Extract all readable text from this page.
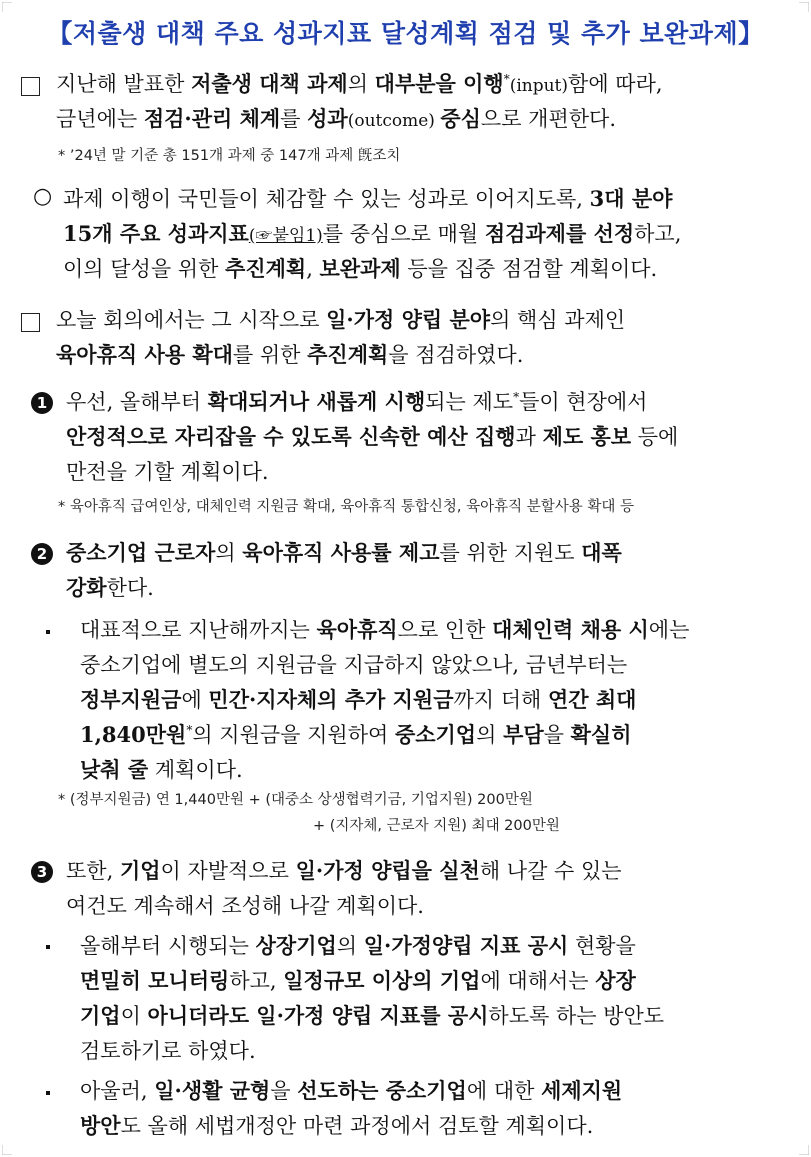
【저출생 대책 주요 성과지표 달성계획 점검 및 추가 보완과제】
지난해 발표한 저출생 대책 과제의 대부분을 이행*(input)함에 따라,
금년에는 점검·관리 체계를 성과(outcome) 중심으로 개편한다.
* ’24년 말 기준 총 151개 과제 중 147개 과제 旣조치
○ 과제 이행이 국민들이 체감할 수 있는 성과로 이어지도록, 3대 분야
15개 주요 성과지표(☞붙임1)를 중심으로 매월 점검과제를 선정하고,
이의 달성을 위한 추진계획, 보완과제 등을 집중 점검할 계획이다.
오늘 회의에서는 그 시작으로 일·가정 양립 분야의 핵심 과제인
육아휴직 사용 확대를 위한 추진계획을 점검하였다.
1 우선, 올해부터 확대되거나 새롭게 시행되는 제도*들이 현장에서
안정적으로 자리잡을 수 있도록 신속한 예산 집행과 제도 홍보 등에
만전을 기할 계획이다.
* 육아휴직 급여인상, 대체인력 지원금 확대, 육아휴직 통합신청, 육아휴직 분할사용 확대 등
2 중소기업 근로자의 육아휴직 사용률 제고를 위한 지원도 대폭
강화한다.
대표적으로 지난해까지는 육아휴직으로 인한 대체인력 채용 시에는
중소기업에 별도의 지원금을 지급하지 않았으나, 금년부터는
정부지원금에 민간·지자체의 추가 지원금까지 더해 연간 최대
1,840만원*의 지원금을 지원하여 중소기업의 부담을 확실히
낮춰 줄 계획이다.
* (정부지원금) 연 1,440만원 + (대중소 상생협력기금, 기업지원) 200만원
+ (지자체, 근로자 지원) 최대 200만원
3 또한, 기업이 자발적으로 일·가정 양립을 실천해 나갈 수 있는
여건도 계속해서 조성해 나갈 계획이다.
올해부터 시행되는 상장기업의 일·가정양립 지표 공시 현황을
면밀히 모니터링하고, 일정규모 이상의 기업에 대해서는 상장
기업이 아니더라도 일·가정 양립 지표를 공시하도록 하는 방안도
검토하기로 하였다.
아울러, 일·생활 균형을 선도하는 중소기업에 대한 세제지원
방안도 올해 세법개정안 마련 과정에서 검토할 계획이다.
